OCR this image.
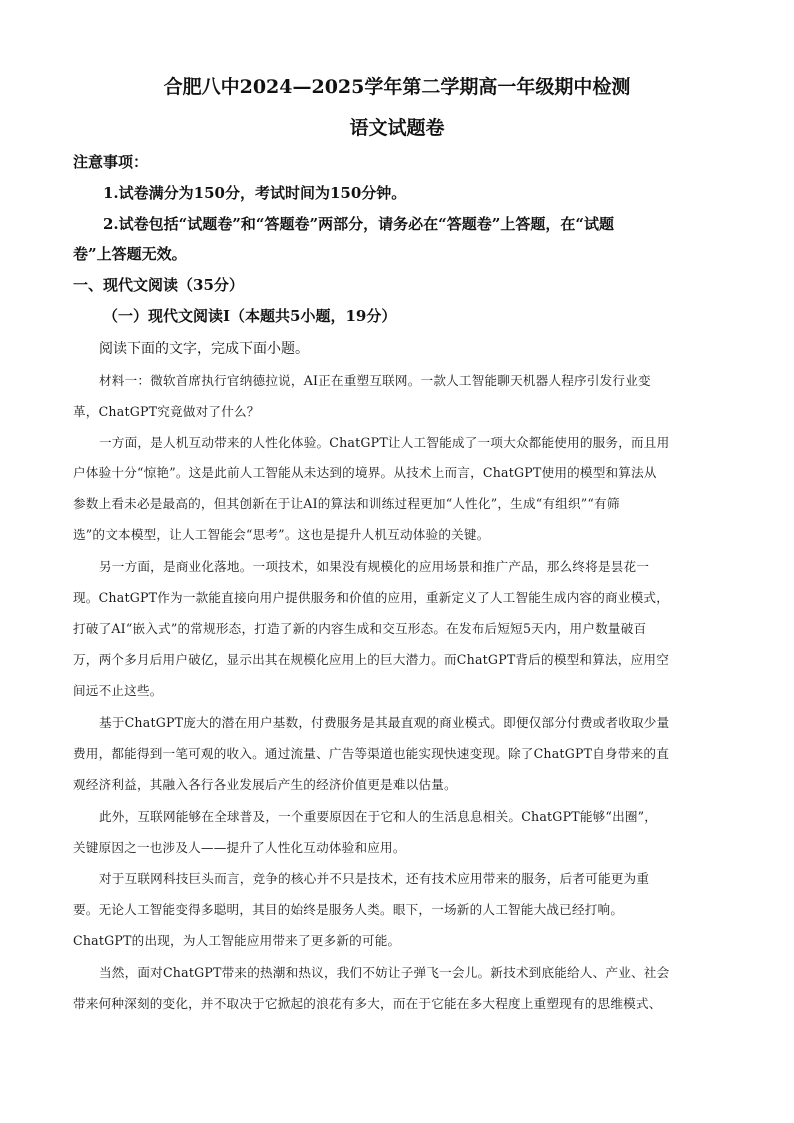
合肥八中2024—2025学年第二学期高一年级期中检测
语文试题卷
注意事项：
1.试卷满分为150分，考试时间为150分钟。
2.试卷包括“试题卷”和“答题卷”两部分，请务必在“答题卷”上答题，在“试题
卷”上答题无效。
一、现代文阅读（35分）
（一）现代文阅读Ⅰ（本题共5小题，19分）
阅读下面的文字，完成下面小题。
材料一：微软首席执行官纳德拉说，AI正在重塑互联网。一款人工智能聊天机器人程序引发行业变
革，ChatGPT究竟做对了什么？
一方面，是人机互动带来的人性化体验。ChatGPT让人工智能成了一项大众都能使用的服务，而且用
户体验十分“惊艳”。这是此前人工智能从未达到的境界。从技术上而言，ChatGPT使用的模型和算法从
参数上看未必是最高的，但其创新在于让AI的算法和训练过程更加“人性化”，生成“有组织”“有筛
选”的文本模型，让人工智能会“思考”。这也是提升人机互动体验的关键。
另一方面，是商业化落地。一项技术，如果没有规模化的应用场景和推广产品，那么终将是昙花一
现。ChatGPT作为一款能直接向用户提供服务和价值的应用，重新定义了人工智能生成内容的商业模式，
打破了AI“嵌入式”的常规形态，打造了新的内容生成和交互形态。在发布后短短5天内，用户数量破百
万，两个多月后用户破亿，显示出其在规模化应用上的巨大潜力。而ChatGPT背后的模型和算法，应用空
间远不止这些。
基于ChatGPT庞大的潜在用户基数，付费服务是其最直观的商业模式。即便仅部分付费或者收取少量
费用，都能得到一笔可观的收入。通过流量、广告等渠道也能实现快速变现。除了ChatGPT自身带来的直
观经济利益，其融入各行各业发展后产生的经济价值更是难以估量。
此外，互联网能够在全球普及，一个重要原因在于它和人的生活息息相关。ChatGPT能够“出圈”，
关键原因之一也涉及人——提升了人性化互动体验和应用。
对于互联网科技巨头而言，竞争的核心并不只是技术，还有技术应用带来的服务，后者可能更为重
要。无论人工智能变得多聪明，其目的始终是服务人类。眼下，一场新的人工智能大战已经打响。
ChatGPT的出现，为人工智能应用带来了更多新的可能。
当然，面对ChatGPT带来的热潮和热议，我们不妨让子弹飞一会儿。新技术到底能给人、产业、社会
带来何种深刻的变化，并不取决于它掀起的浪花有多大，而在于它能在多大程度上重塑现有的思维模式、
